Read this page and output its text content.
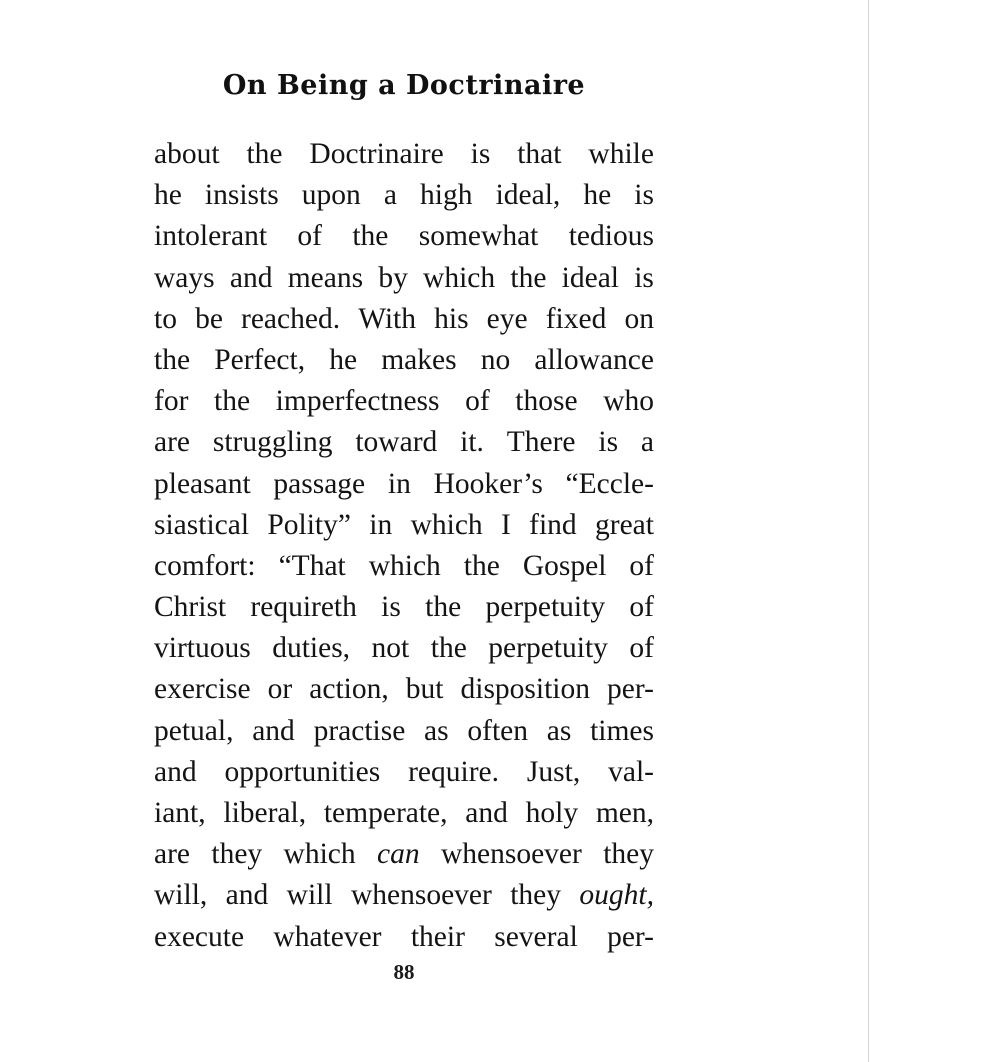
On Being a Doctrinaire
about the Doctrinaire is that while
he insists upon a high ideal, he is
intolerant of the somewhat tedious
ways and means by which the ideal is
to be reached. With his eye fixed on
the Perfect, he makes no allowance
for the imperfectness of those who
are struggling toward it. There is a
pleasant passage in Hooker’s “Eccle-
siastical Polity” in which I find great
comfort: “That which the Gospel of
Christ requireth is the perpetuity of
virtuous duties, not the perpetuity of
exercise or action, but disposition per-
petual, and practise as often as times
and opportunities require. Just, val-
iant, liberal, temperate, and holy men,
are they which can whensoever they
will, and will whensoever they ought,
execute whatever their several per-
88
